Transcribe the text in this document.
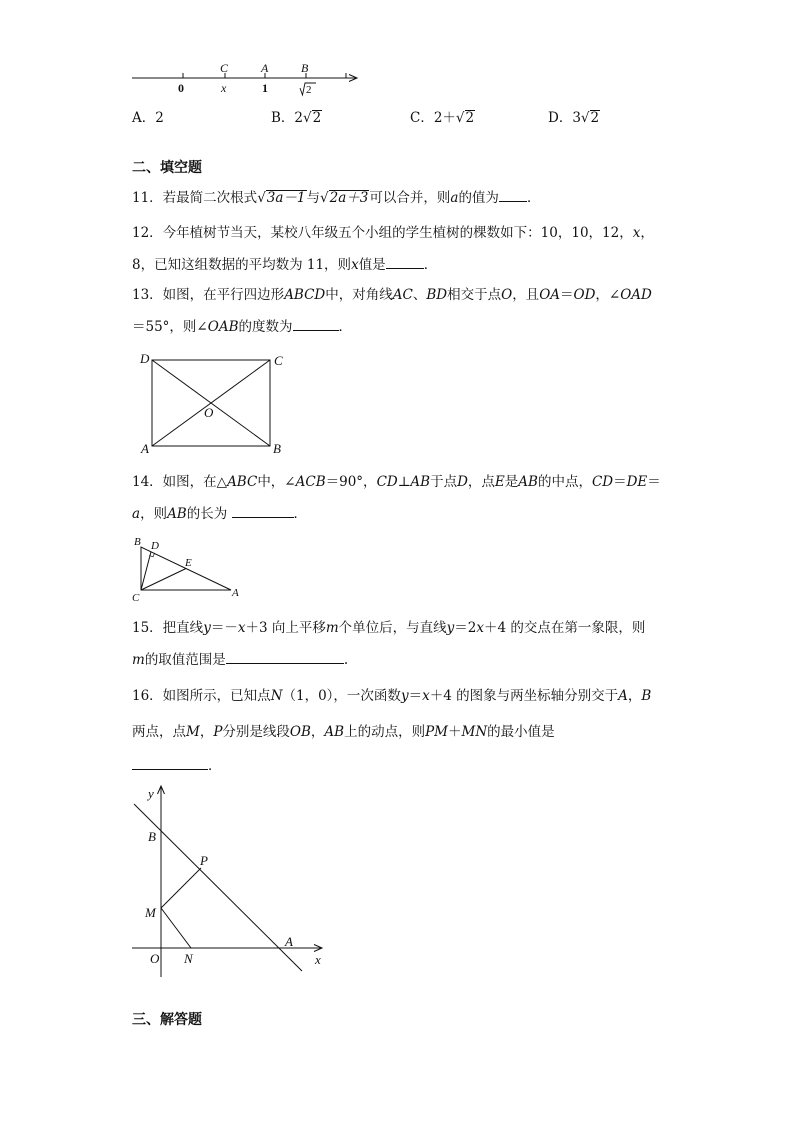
C	A	B
0	x	1	2
A．2	B．2√2	C．2＋√2	D．3√2
二、填空题
11．若最简二次根式√3a－1与√2a＋3可以合并，则a的值为 ．
12．今年植树节当天，某校八年级五个小组的学生植树的棵数如下：10，10，12，x，
8，已知这组数据的平均数为 11，则x值是	．
13．如图，在平行四边形ABCD中，对角线AC、BD相交于点O，且OA＝OD，∠OAD
＝55°，则∠OAB的度数为	．
D	C
O
A	B
14．如图，在△ABC中，∠ACB＝90°，CD⊥AB于点D，点E是AB的中点，CD＝DE＝
a，则AB的长为	．
B D
E
C	A
15．把直线y＝－x＋3 向上平移m个单位后，与直线y＝2x＋4 的交点在第一象限，则
m的取值范围是	.
16．如图所示，已知点N（1，0），一次函数y＝x＋4 的图象与两坐标轴分别交于A，B
两点，点M，P分别是线段OB，AB上的动点，则PM＋MN的最小值是
．
y
B
P
M
A
O N	x
三、解答题
